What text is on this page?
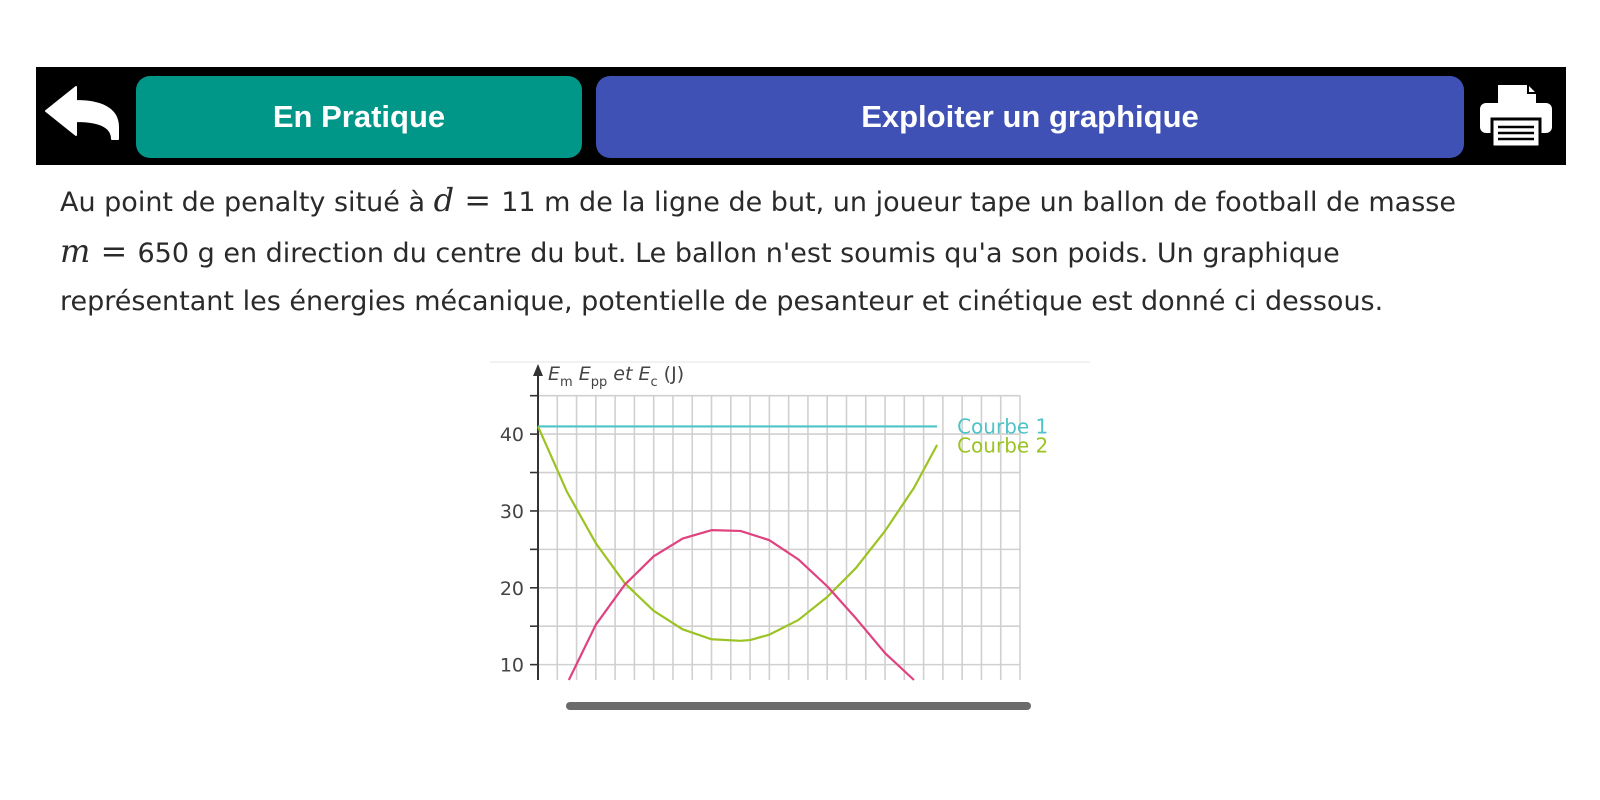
En Pratique	Exploiter un graphique
Au point de penalty situé à d = 11 m de la ligne de but, un joueur tape un ballon de football de masse
m = 650 g en direction du centre du but. Le ballon n'est soumis qu'a son poids. Un graphique
représentant les énergies mécanique, potentielle de pesanteur et cinétique est donné ci dessous.
10
20
30
40
$E_m$ $E_{pp}$ et $E_c$ (J)
Courbe 1
Courbe 2
